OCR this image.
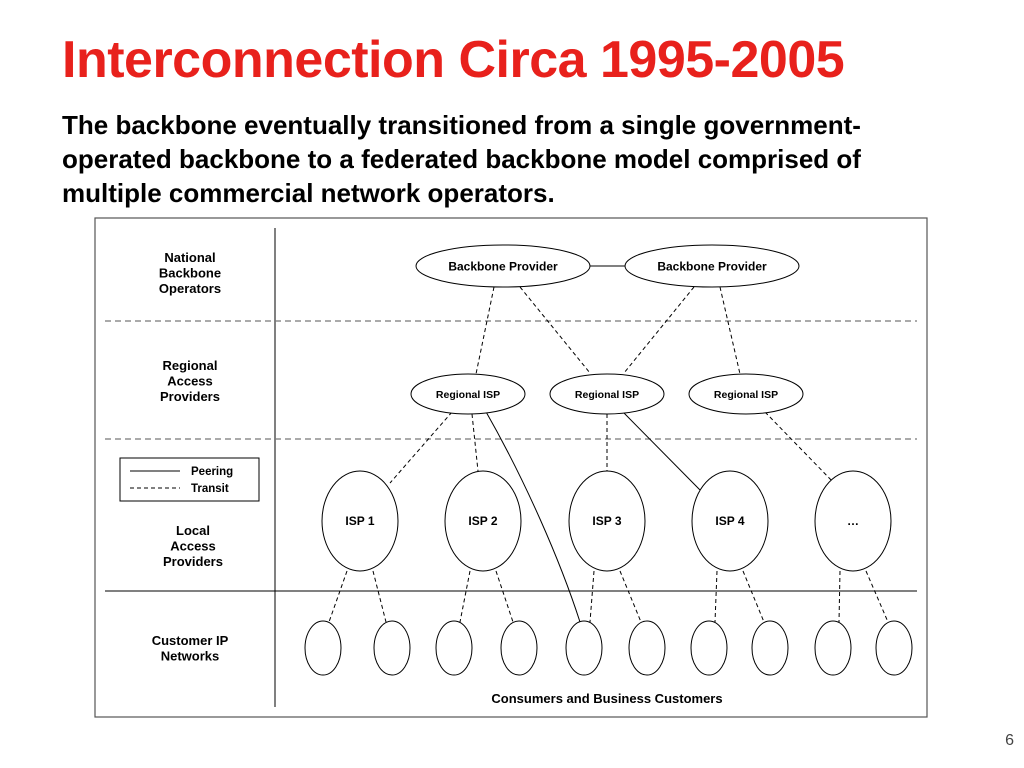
Interconnection Circa 1995-2005

The backbone eventually transitioned from a single government-operated backbone to a federated backbone model comprised of multiple commercial network operators.

National Backbone Operators
Regional Access Providers
Local Access Providers
Customer IP Networks
Peering
Transit
Backbone Provider	Backbone Provider
Regional ISP	Regional ISP	Regional ISP
ISP 1	ISP 2	ISP 3	ISP 4	…
Consumers and Business Customers
6
